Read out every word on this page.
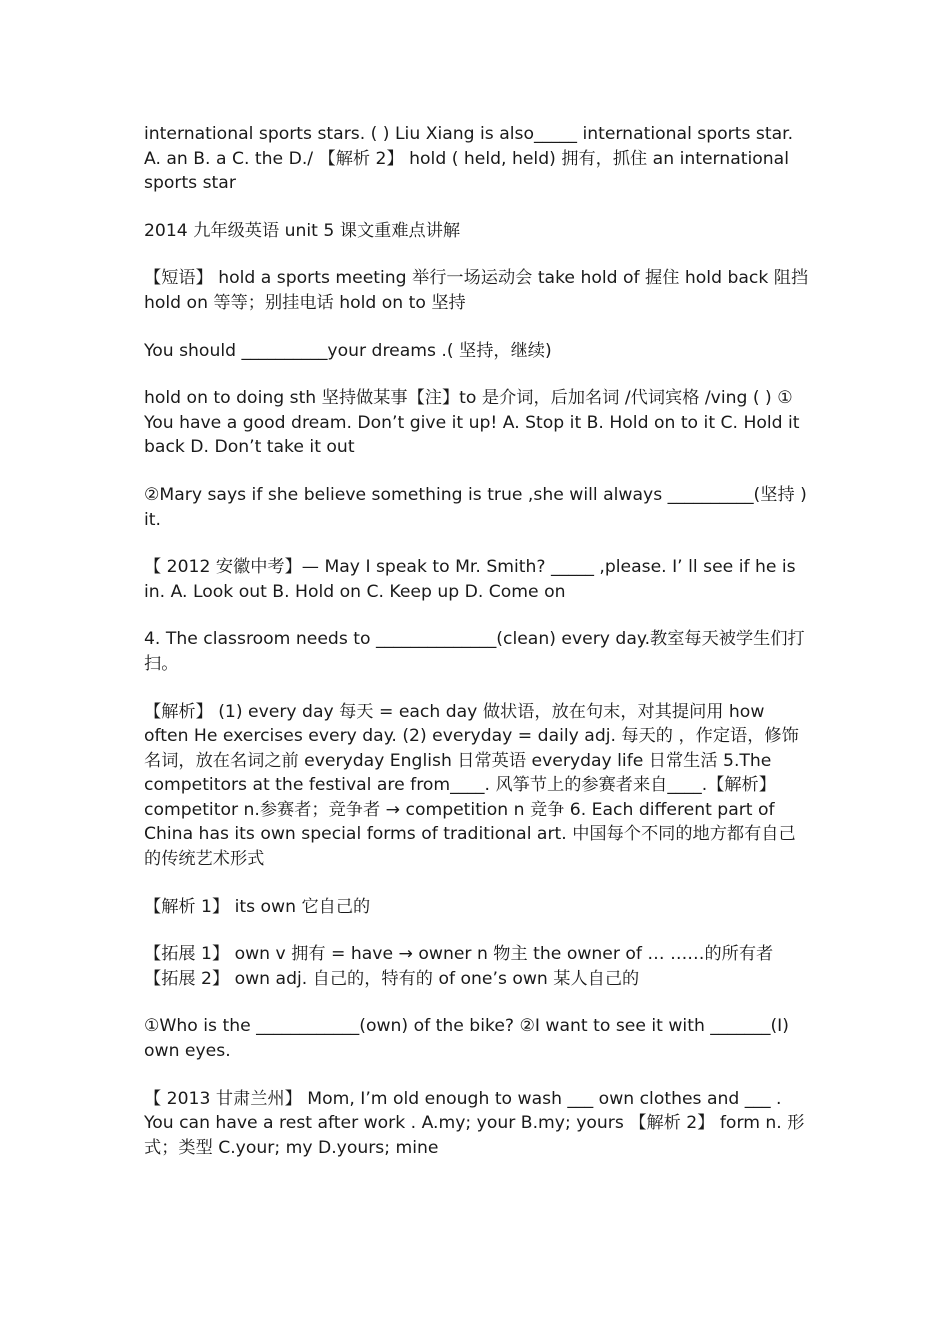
international sports stars. ( ) Liu Xiang is also_____ international sports star. A. an B. a C. the D./ 【解析 2】 hold ( held, held) 拥有，抓住 an international sports star

2014 九年级英语 unit 5 课文重难点讲解

【短语】 hold a sports meeting 举行一场运动会 take hold of 握住 hold back 阻挡 hold on 等等；别挂电话 hold on to 坚持

You should __________your dreams .( 坚持，继续)

hold on to doing sth 坚持做某事【注】to 是介词，后加名词 /代词宾格 /ving ( ) ① You have a good dream. Don’t give it up! A. Stop it B. Hold on to it C. Hold it back D. Don’t take it out

②Mary says if she believe something is true ,she will always __________(坚持 ) it.

【 2012 安徽中考】— May I speak to Mr. Smith? _____ ,please. I’ ll see if he is in. A. Look out B. Hold on C. Keep up D. Come on

4. The classroom needs to ______________(clean) every day.教室每天被学生们打扫。

【解析】 (1) every day 每天 = each day 做状语，放在句末，对其提问用 how often He exercises every day. (2) everyday = daily adj. 每天的 ，作定语，修饰名词，放在名词之前 everyday English 日常英语 everyday life 日常生活 5.The competitors at the festival are from____. 风筝节上的参赛者来自____.【解析】 competitor n.参赛者；竞争者 → competition n 竞争 6. Each different part of China has its own special forms of traditional art. 中国每个不同的地方都有自己的传统艺术形式

【解析 1】 its own 它自己的

【拓展 1】 own v 拥有 = have → owner n 物主 the owner of … ……的所有者 【拓展 2】 own adj. 自己的，特有的 of one’s own 某人自己的

①Who is the ____________(own) of the bike? ②I want to see it with _______(I) own eyes.

【 2013 甘肃兰州】 Mom, I’m old enough to wash ___ own clothes and ___ . You can have a rest after work . A.my; your B.my; yours 【解析 2】 form n. 形式；类型 C.your; my D.yours; mine
